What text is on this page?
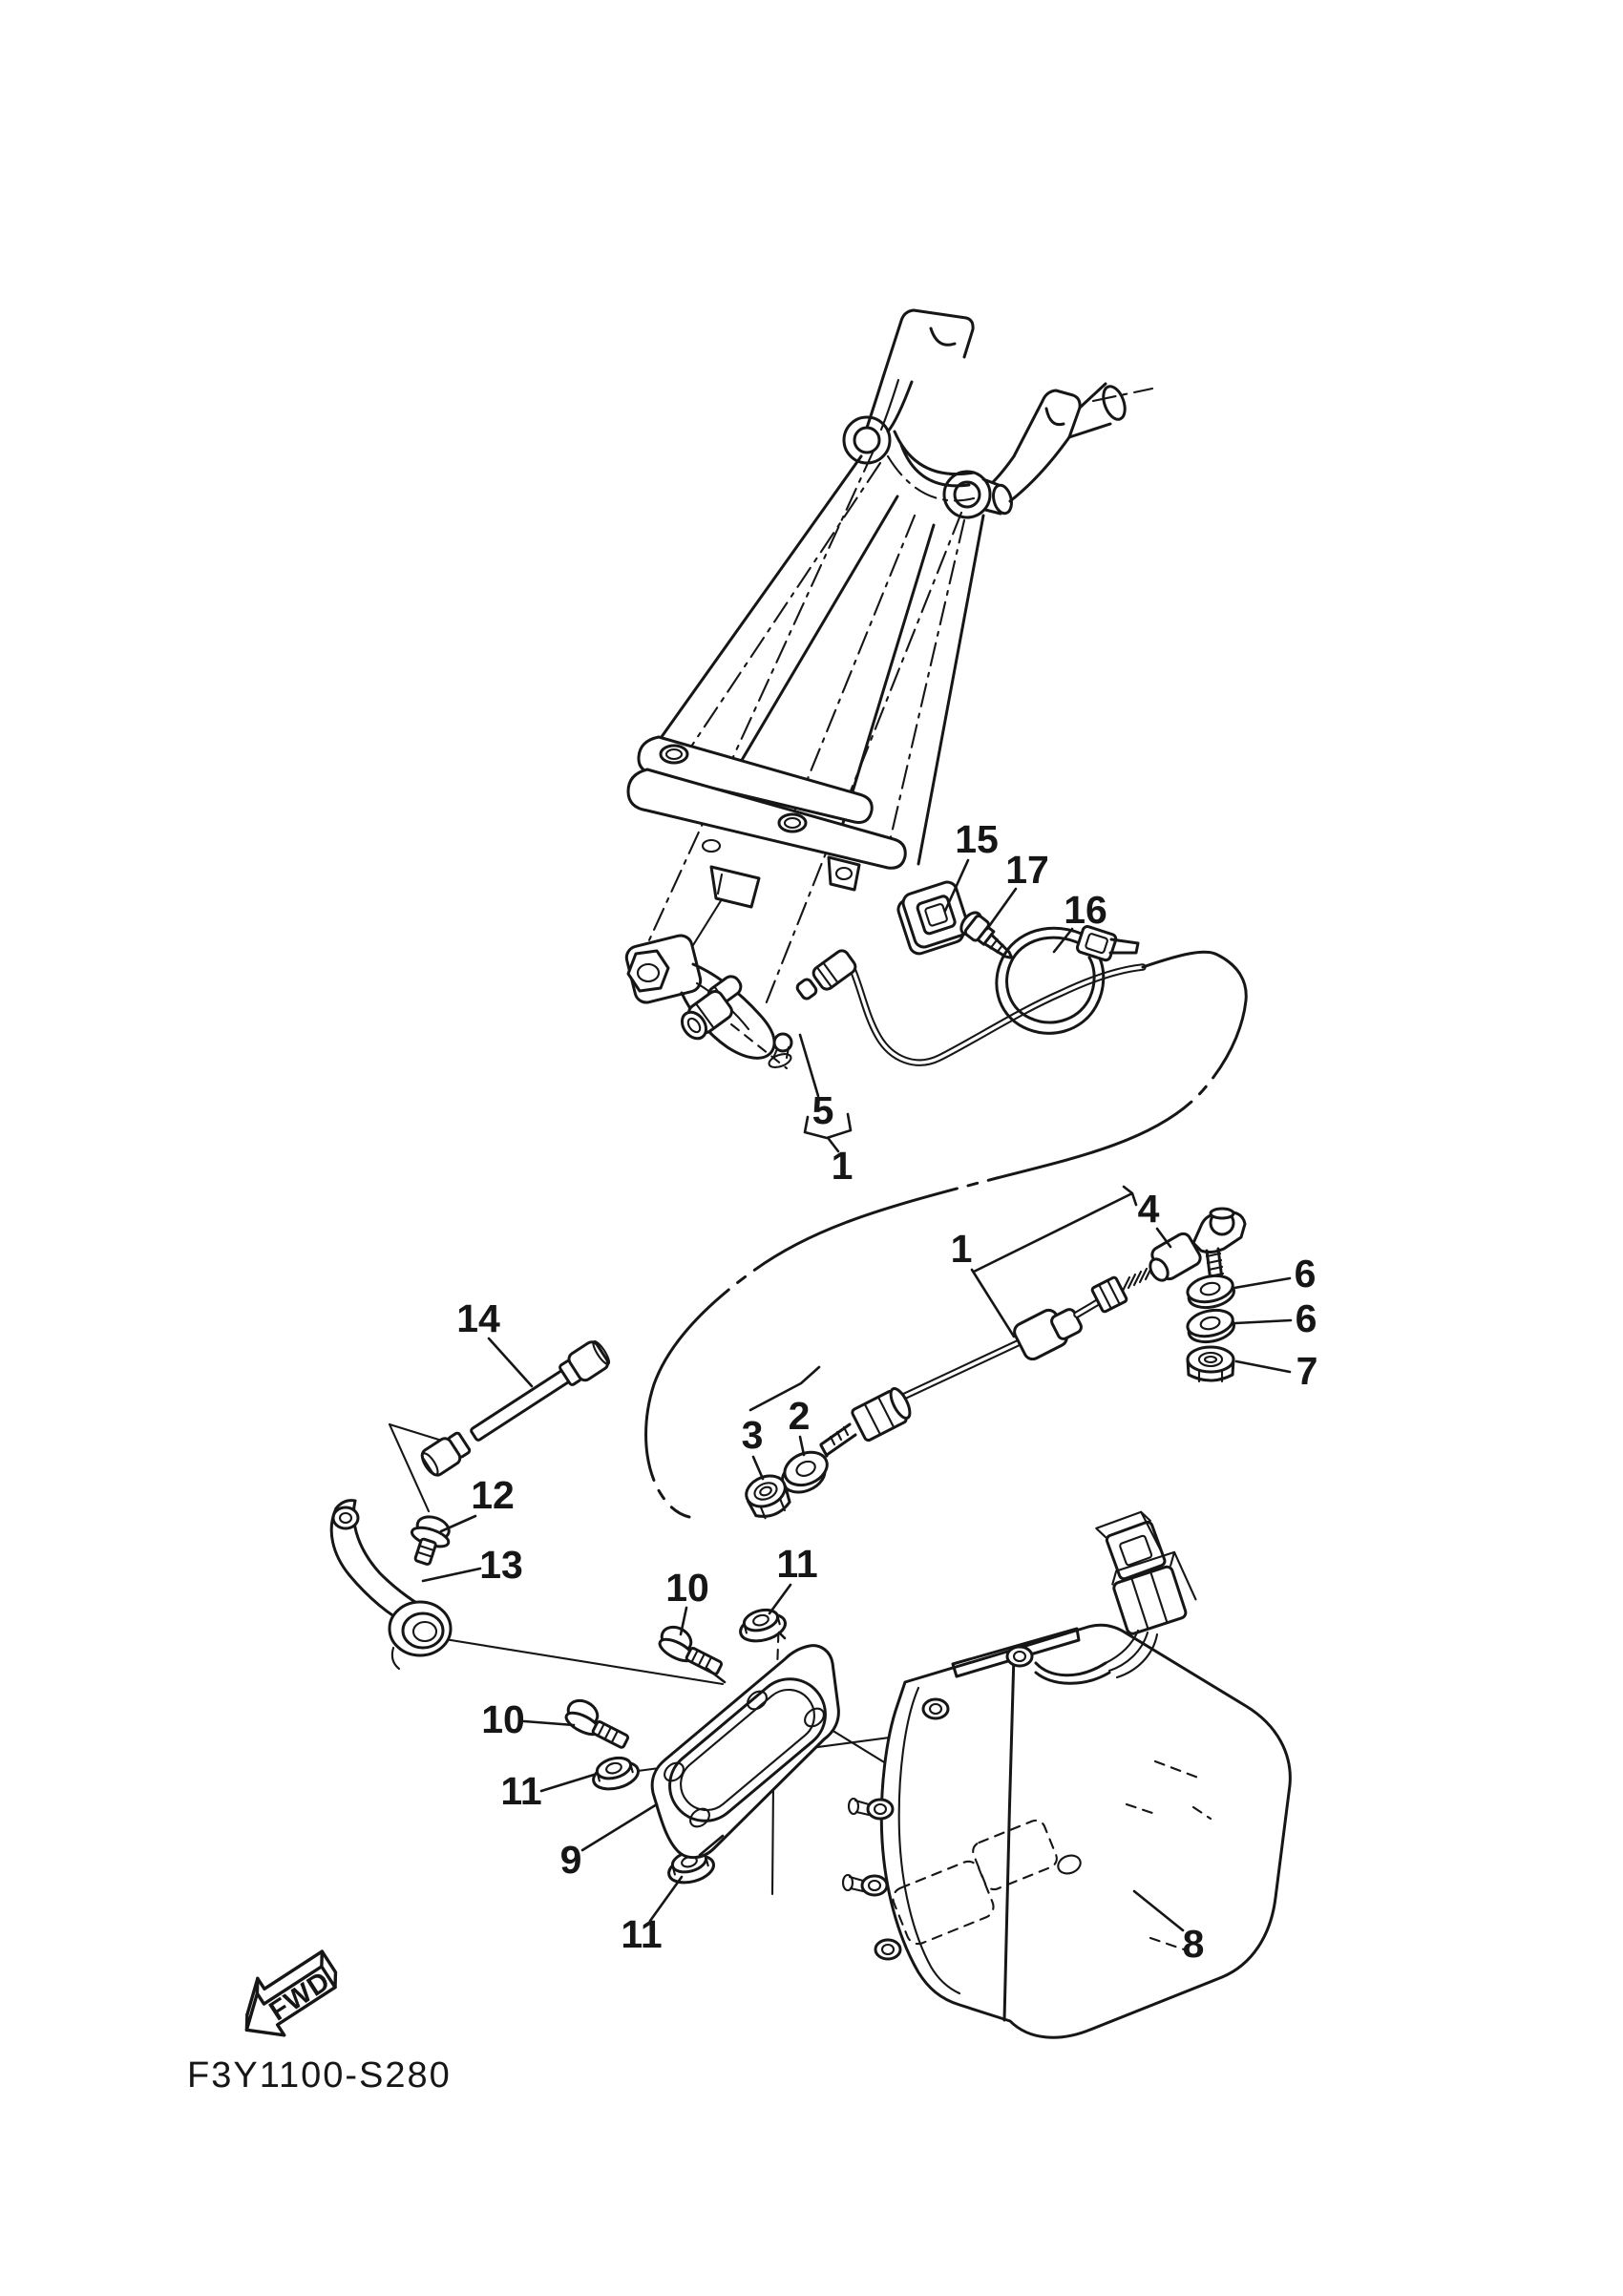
15
17
16
5
1
1
4
6
6
7
2
3
14
12
13
10
11
10
11
9
11	8
FWD
F3Y1100-S280
